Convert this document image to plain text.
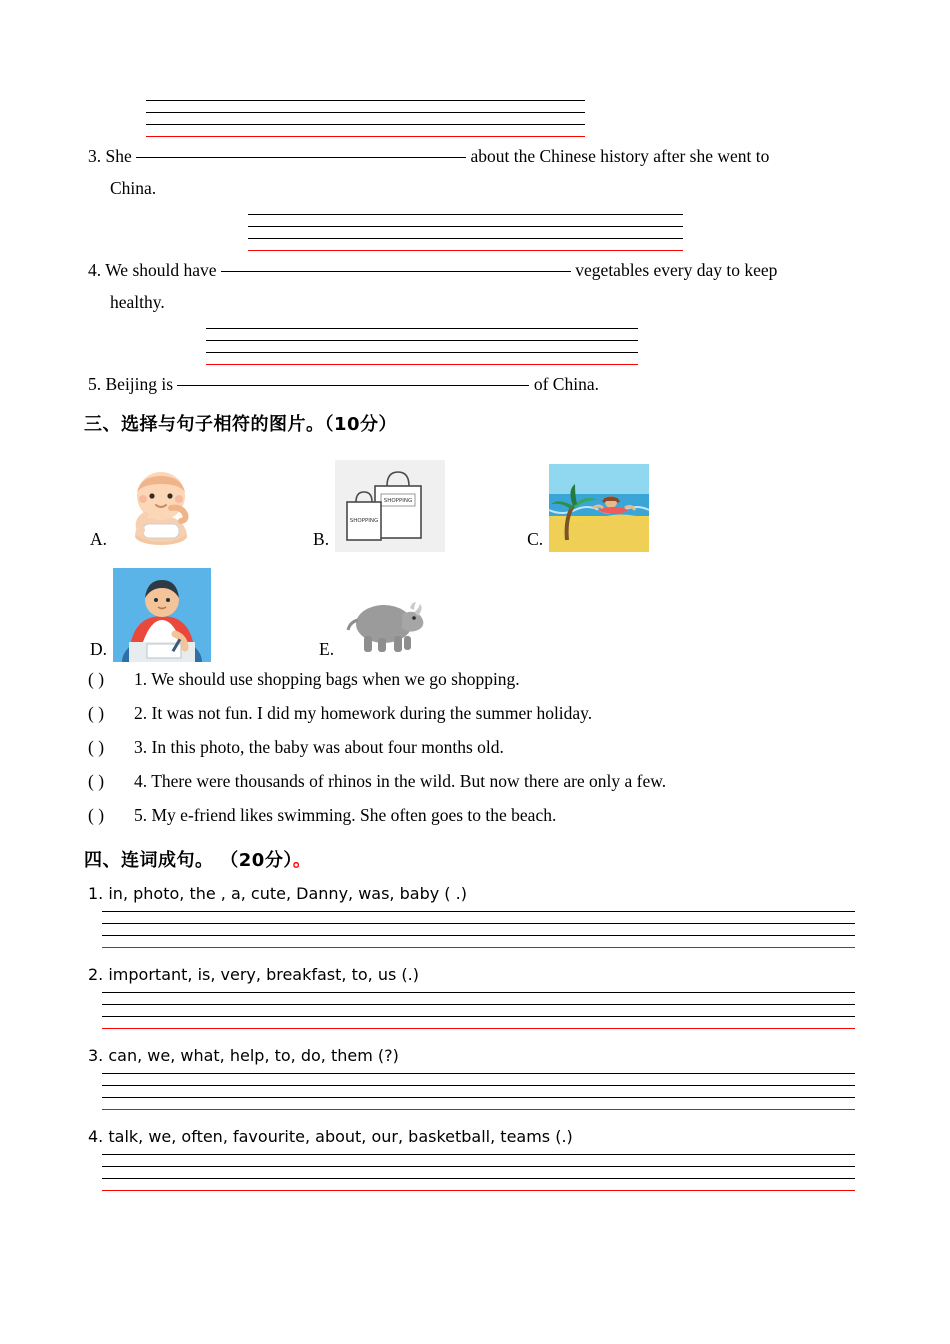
3. She	about the Chinese history after she went to
China.
4. We should have	vegetables every day to keep
healthy.
5. Beijing is	of China.
三、选择与句子相符的图片。（10分）
A.	B.
SHOPPING
SHOPPING
C.
D.	E.
( ) 1. We should use shopping bags when we go shopping.
( ) 2. It was not fun. I did my homework during the summer holiday.
( ) 3. In this photo, the baby was about four months old.
( ) 4. There were thousands of rhinos in the wild. But now there are only a few.
( ) 5. My e-friend likes swimming. She often goes to the beach.
四、连词成句。 （20分）。
1. in, photo, the , a, cute, Danny, was, baby ( .)
2. important, is, very, breakfast, to, us (.)
3. can, we, what, help, to, do, them (?)
4. talk, we, often, favourite, about, our, basketball, teams (.)
